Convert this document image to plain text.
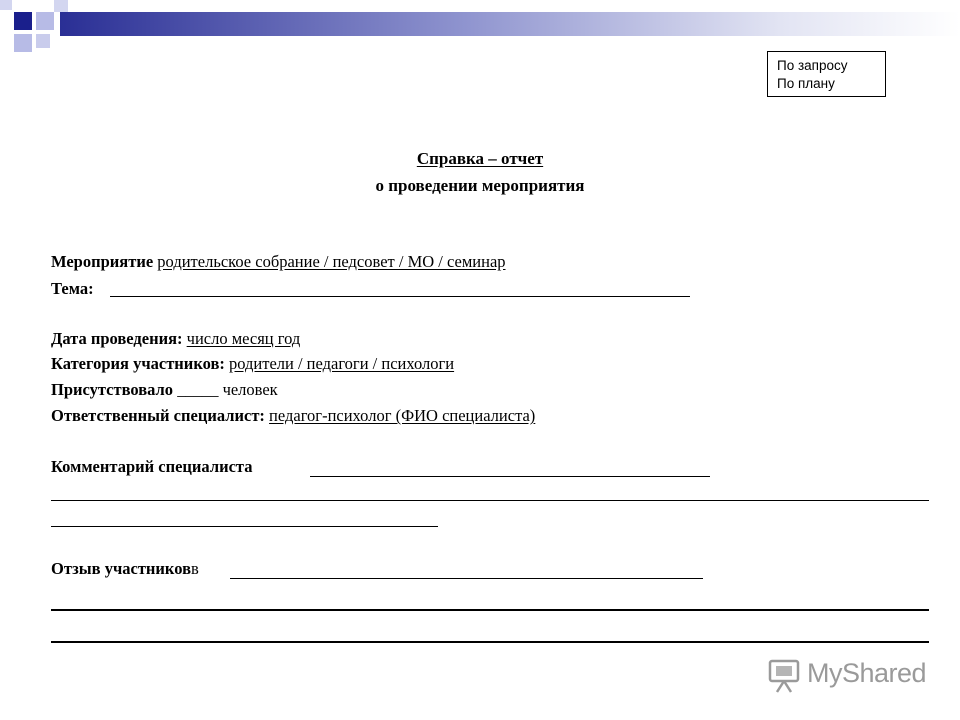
По запросу
По плану
Справка – отчет
о проведении мероприятия
Мероприятие родительское собрание / педсовет / МО / семинар
Тема:
Дата проведения: число месяц год
Категория участников: родители / педагоги / психологи
Присутствовало _____ человек
Ответственный специалист: педагог-психолог (ФИО специалиста)
Комментарий специалиста
Отзыв участниковв
MyShared
